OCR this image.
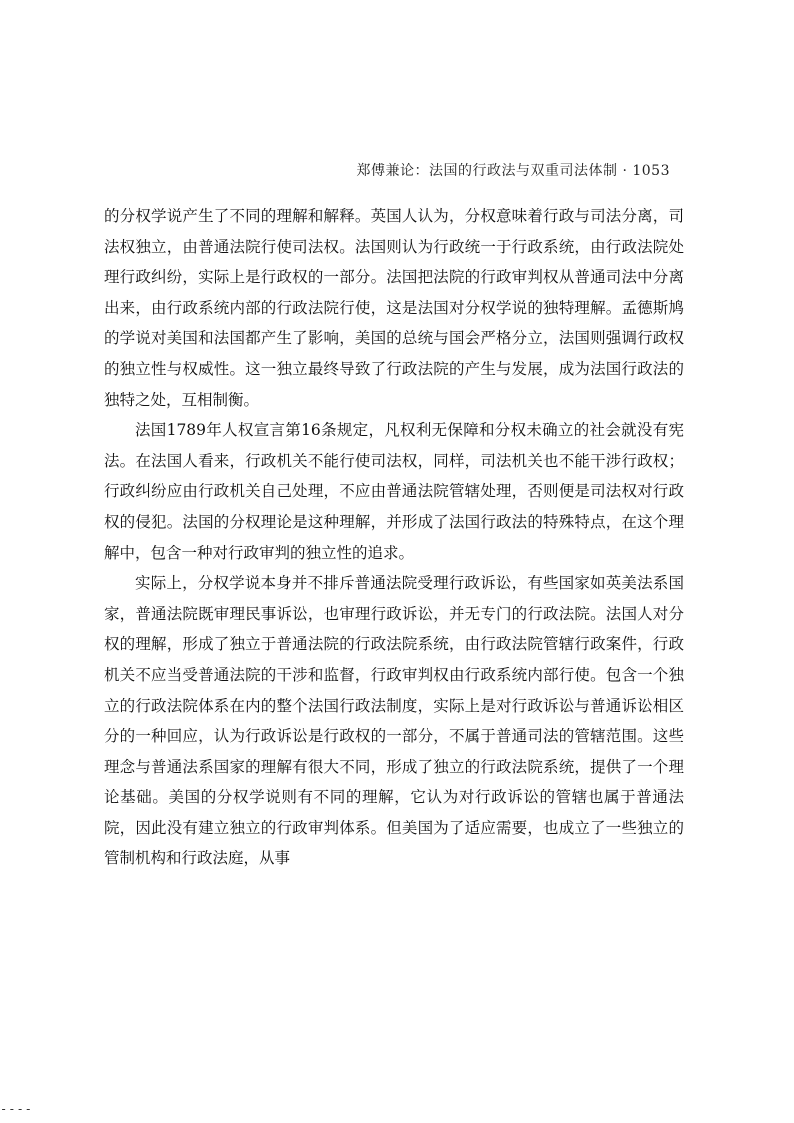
郑傅兼论：法国的行政法与双重司法体制 · 1053

的分权学说产生了不同的理解和解释。英国人认为，分权意味着行政与司法分离，司法权独立，由普通法院行使司法权。法国则认为行政统一于行政系统，由行政法院处理行政纠纷，实际上是行政权的一部分。法国把法院的行政审判权从普通司法中分离出来，由行政系统内部的行政法院行使，这是法国对分权学说的独特理解。孟德斯鸠的学说对美国和法国都产生了影响，美国的总统与国会严格分立，法国则强调行政权的独立性与权威性。这一独立最终导致了行政法院的产生与发展，成为法国行政法的独特之处，互相制衡。

法国1789年人权宣言第16条规定，凡权利无保障和分权未确立的社会就没有宪法。在法国人看来，行政机关不能行使司法权，同样，司法机关也不能干涉行政权；行政纠纷应由行政机关自己处理，不应由普通法院管辖处理，否则便是司法权对行政权的侵犯。法国的分权理论是这种理解，并形成了法国行政法的特殊特点，在这个理解中，包含一种对行政审判的独立性的追求。

实际上，分权学说本身并不排斥普通法院受理行政诉讼，有些国家如英美法系国家，普通法院既审理民事诉讼，也审理行政诉讼，并无专门的行政法院。法国人对分权的理解，形成了独立于普通法院的行政法院系统，由行政法院管辖行政案件，行政机关不应当受普通法院的干涉和监督，行政审判权由行政系统内部行使。包含一个独立的行政法院体系在内的整个法国行政法制度，实际上是对行政诉讼与普通诉讼相区分的一种回应，认为行政诉讼是行政权的一部分，不属于普通司法的管辖范围。这些理念与普通法系国家的理解有很大不同，形成了独立的行政法院系统，提供了一个理论基础。美国的分权学说则有不同的理解，它认为对行政诉讼的管辖也属于普通法院，因此没有建立独立的行政审判体系。但美国为了适应需要，也成立了一些独立的管制机构和行政法庭，从事

----
